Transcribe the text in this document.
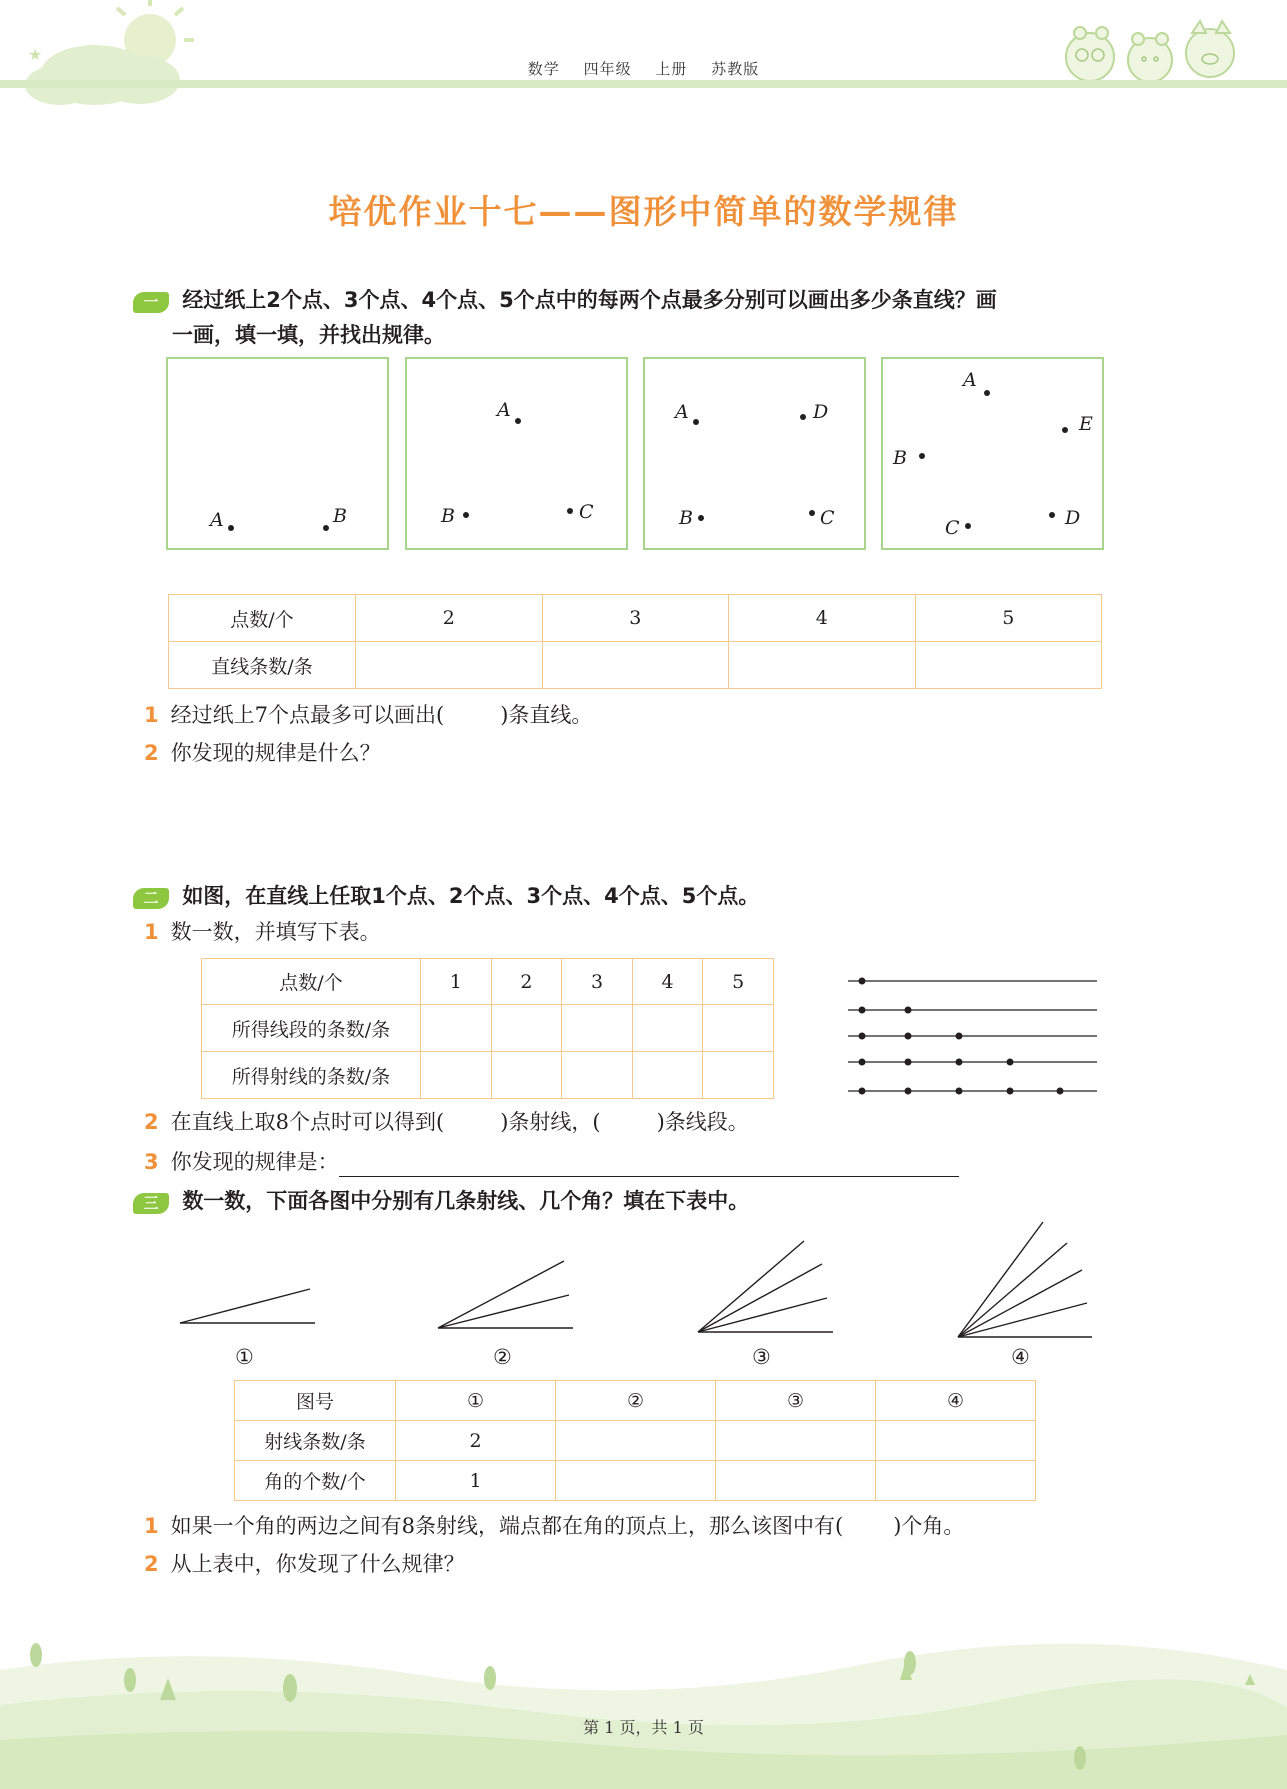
★
数学 四年级 上册 苏教版
培优作业十七——图形中简单的数学规律
一 经过纸上2个点、3个点、4个点、5个点中的每两个点最多分别可以画出多少条直线？画
一画，填一填，并找出规律。
A	B
A
B	C
A	D
B	C
A
E
B
C	D
点数/个	2	3	4	5
直线条数/条				
1 经过纸上7个点最多可以画出(	)条直线。
2 你发现的规律是什么？
二 如图，在直线上任取1个点、2个点、3个点、4个点、5个点。
1 数一数，并填写下表。
点数/个	1	2	3	4	5
所得线段的条数/条					
所得射线的条数/条					
2 在直线上取8个点时可以得到(	)条射线，(	)条线段。
3 你发现的规律是：
三 数一数，下面各图中分别有几条射线、几个角？填在下表中。
①	②	③	④
图号	①	②	③	④
射线条数/条	2			
角的个数/个	1			
1 如果一个角的两边之间有8条射线，端点都在角的顶点上，那么该图中有( )个角。
2 从上表中，你发现了什么规律？
第 1 页，共 1 页
